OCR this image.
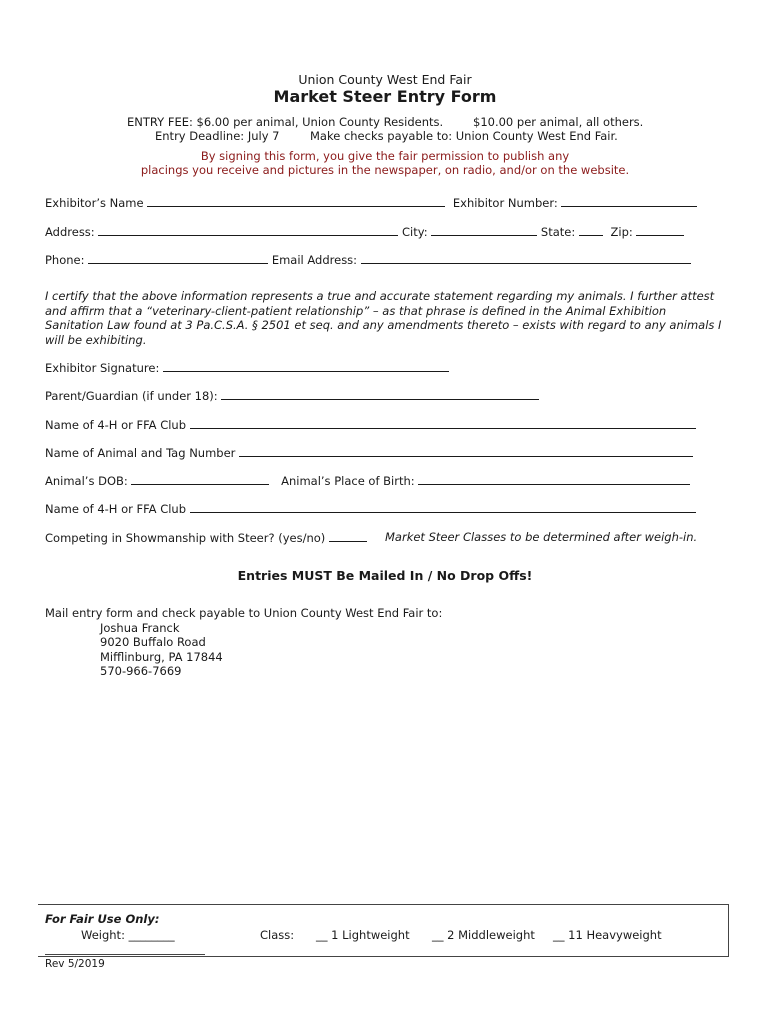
Union County West End Fair
Market Steer Entry Form
ENTRY FEE: $6.00 per animal, Union County Residents.	$10.00 per animal, all others.
Entry Deadline: July 7	Make checks payable to: Union County West End Fair.
By signing this form, you give the fair permission to publish any
placings you receive and pictures in the newspaper, on radio, and/or on the website.
Exhibitor’s Name	Exhibitor Number:
Address:	City:	State:	Zip:
Phone:	Email Address:
I certify that the above information represents a true and accurate statement regarding my animals. I further attest and affirm that a “veterinary-client-patient relationship” – as that phrase is defined in the Animal Exhibition Sanitation Law found at 3 Pa.C.S.A. § 2501 et seq. and any amendments thereto – exists with regard to any animals I will be exhibiting.
Exhibitor Signature:
Parent/Guardian (if under 18):
Name of 4-H or FFA Club
Name of Animal and Tag Number
Animal’s DOB:	Animal’s Place of Birth:
Name of 4-H or FFA Club
Competing in Showmanship with Steer? (yes/no)	Market Steer Classes to be determined after weigh-in.
Entries MUST Be Mailed In / No Drop Offs!
Mail entry form and check payable to Union County West End Fair to:
Joshua Franck
9020 Buffalo Road
Mifflinburg, PA 17844
570-966-7669
For Fair Use Only:
Weight: ________	Class: __ 1 Lightweight __ 2 Middleweight __ 11 Heavyweight
Rev 5/2019
